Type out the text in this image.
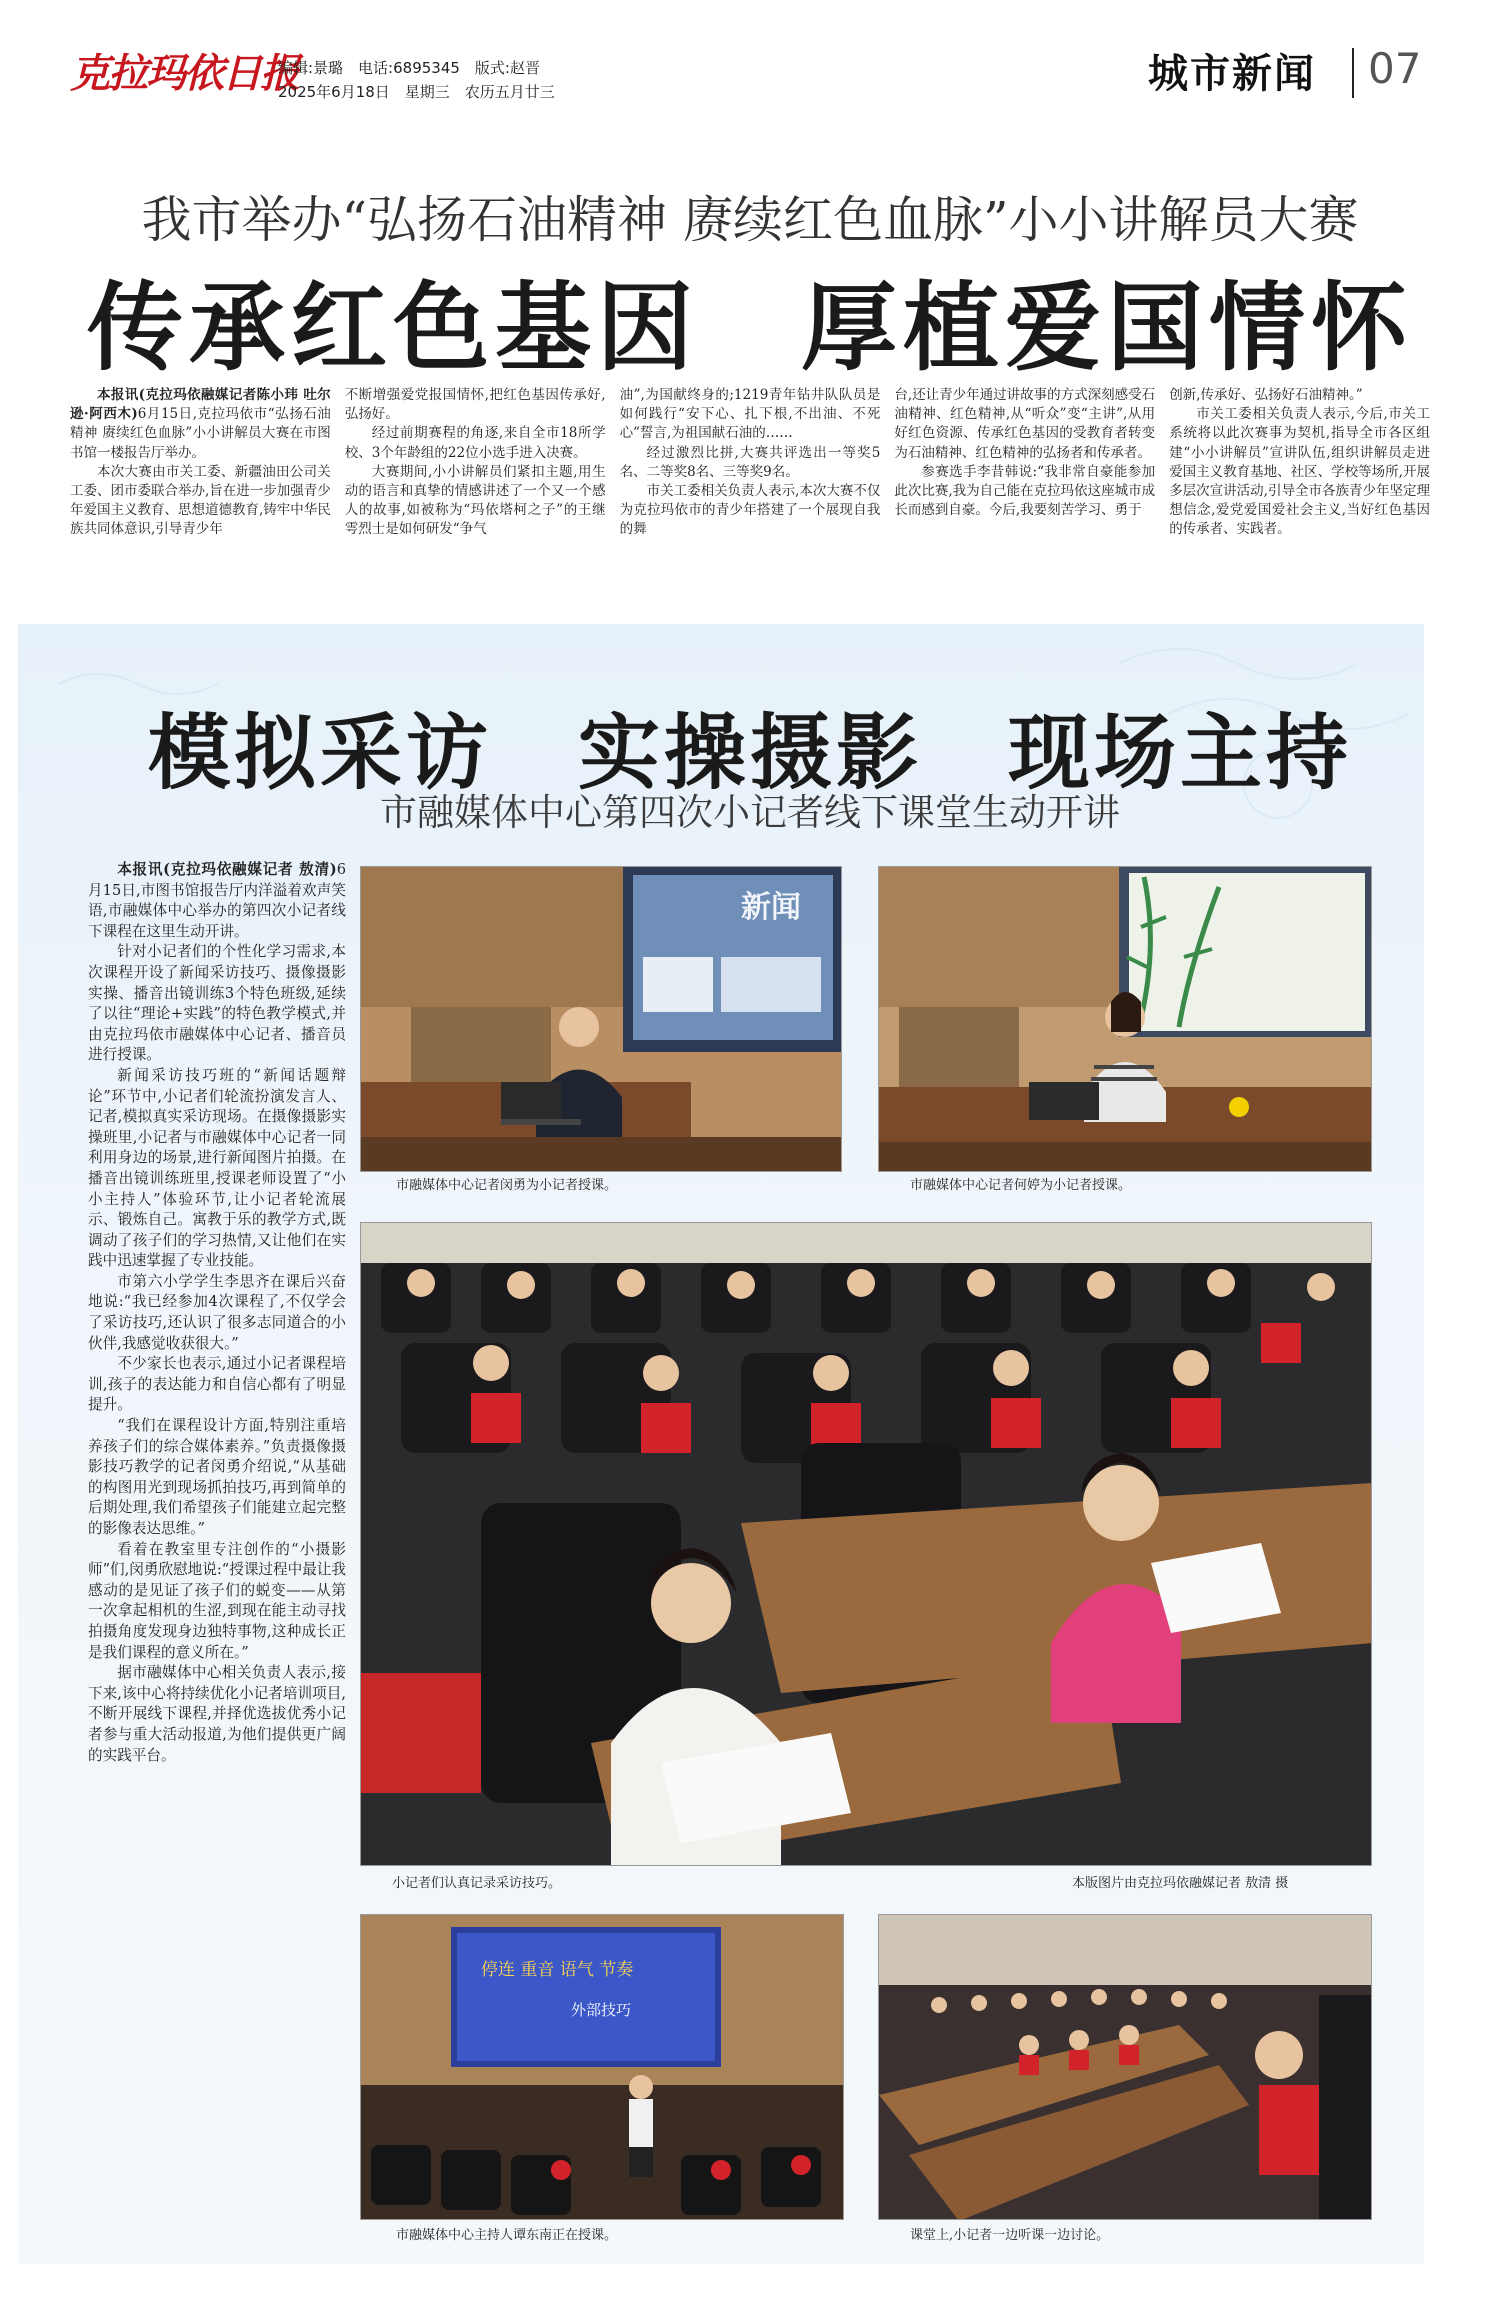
克拉玛依日报
编辑:景璐　电话:6895345　版式:赵晋
2025年6月18日　星期三　农历五月廿三	城市新闻 07
我市举办“弘扬石油精神 赓续红色血脉”小小讲解员大赛
传承红色基因　厚植爱国情怀

本报讯(克拉玛依融媒记者陈小玮 吐尔逊·阿西木)6月15日,克拉玛依市“弘扬石油精神 赓续红色血脉”小小讲解员大赛在市图书馆一楼报告厅举办。

本次大赛由市关工委、新疆油田公司关工委、团市委联合举办,旨在进一步加强青少年爱国主义教育、思想道德教育,铸牢中华民族共同体意识,引导青少年

不断增强爱党报国情怀,把红色基因传承好,弘扬好。

经过前期赛程的角逐,来自全市18所学校、3个年龄组的22位小选手进入决赛。

大赛期间,小小讲解员们紧扣主题,用生动的语言和真挚的情感讲述了一个又一个感人的故事,如被称为“玛依塔柯之子”的王继雩烈士是如何研发“争气

油”,为国献终身的;1219青年钻井队队员是如何践行“安下心、扎下根,不出油、不死心”誓言,为祖国献石油的……

经过激烈比拼,大赛共评选出一等奖5名、二等奖8名、三等奖9名。

市关工委相关负责人表示,本次大赛不仅为克拉玛依市的青少年搭建了一个展现自我的舞

台,还让青少年通过讲故事的方式深刻感受石油精神、红色精神,从“听众”变“主讲”,从用好红色资源、传承红色基因的受教育者转变为石油精神、红色精神的弘扬者和传承者。

参赛选手李昔韩说:“我非常自豪能参加此次比赛,我为自己能在克拉玛依这座城市成长而感到自豪。今后,我要刻苦学习、勇于

创新,传承好、弘扬好石油精神。”

市关工委相关负责人表示,今后,市关工系统将以此次赛事为契机,指导全市各区组建“小小讲解员”宣讲队伍,组织讲解员走进爱国主义教育基地、社区、学校等场所,开展多层次宣讲活动,引导全市各族青少年坚定理想信念,爱党爱国爱社会主义,当好红色基因的传承者、实践者。

模拟采访　实操摄影　现场主持
市融媒体中心第四次小记者线下课堂生动开讲

本报讯(克拉玛依融媒记者 敖清)6月15日,市图书馆报告厅内洋溢着欢声笑语,市融媒体中心举办的第四次小记者线下课程在这里生动开讲。

针对小记者们的个性化学习需求,本次课程开设了新闻采访技巧、摄像摄影实操、播音出镜训练3个特色班级,延续了以往“理论+实践”的特色教学模式,并由克拉玛依市融媒体中心记者、播音员进行授课。

新闻采访技巧班的“新闻话题辩论”环节中,小记者们轮流扮演发言人、记者,模拟真实采访现场。在摄像摄影实操班里,小记者与市融媒体中心记者一同利用身边的场景,进行新闻图片拍摄。在播音出镜训练班里,授课老师设置了“小小主持人”体验环节,让小记者轮流展示、锻炼自己。寓教于乐的教学方式,既调动了孩子们的学习热情,又让他们在实践中迅速掌握了专业技能。

市第六小学学生李思齐在课后兴奋地说:“我已经参加4次课程了,不仅学会了采访技巧,还认识了很多志同道合的小伙伴,我感觉收获很大。”

不少家长也表示,通过小记者课程培训,孩子的表达能力和自信心都有了明显提升。

“我们在课程设计方面,特别注重培养孩子们的综合媒体素养。”负责摄像摄影技巧教学的记者闵勇介绍说,“从基础的构图用光到现场抓拍技巧,再到简单的后期处理,我们希望孩子们能建立起完整的影像表达思维。”

看着在教室里专注创作的“小摄影师”们,闵勇欣慰地说:“授课过程中最让我感动的是见证了孩子们的蜕变——从第一次拿起相机的生涩,到现在能主动寻找拍摄角度发现身边独特事物,这种成长正是我们课程的意义所在。”

据市融媒体中心相关负责人表示,接下来,该中心将持续优化小记者培训项目,不断开展线下课程,并择优选拔优秀小记者参与重大活动报道,为他们提供更广阔的实践平台。

新闻
市融媒体中心记者闵勇为小记者授课。	市融媒体中心记者何婷为小记者授课。
小记者们认真记录采访技巧。	本版图片由克拉玛依融媒记者 敖清 摄
停连 重音 语气 节奏
外部技巧
市融媒体中心主持人谭东南正在授课。	课堂上,小记者一边听课一边讨论。
